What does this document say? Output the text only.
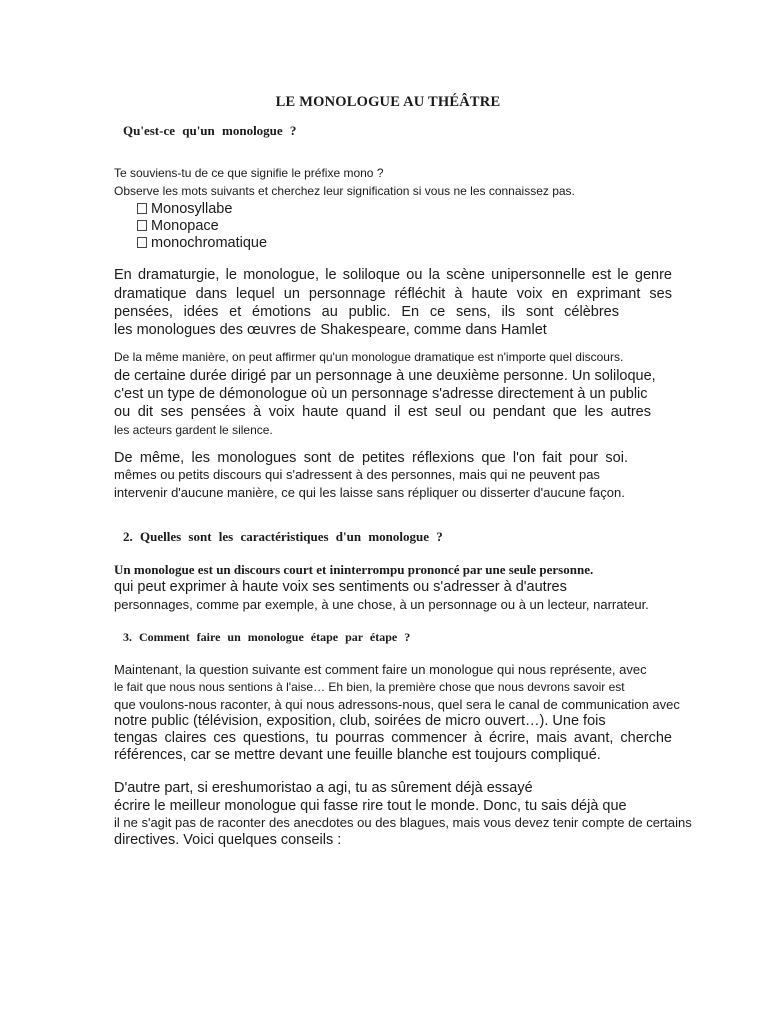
LE MONOLOGUE AU THÉÂTRE
Qu'est-ce qu'un monologue ?
Te souviens-tu de ce que signifie le préfixe mono ?
Observe les mots suivants et cherchez leur signification si vous ne les connaissez pas.
Monosyllabe
Monopace
monochromatique
En dramaturgie, le monologue, le soliloque ou la scène unipersonnelle est le genre
dramatique dans lequel un personnage réfléchit à haute voix en exprimant ses
pensées, idées et émotions au public. En ce sens, ils sont célèbres
les monologues des œuvres de Shakespeare, comme dans Hamlet
De la même manière, on peut affirmer qu'un monologue dramatique est n'importe quel discours.
de certaine durée dirigé par un personnage à une deuxième personne. Un soliloque,
c'est un type de démonologue où un personnage s'adresse directement à un public
ou dit ses pensées à voix haute quand il est seul ou pendant que les autres
les acteurs gardent le silence.
De même, les monologues sont de petites réflexions que l'on fait pour soi.
mêmes ou petits discours qui s'adressent à des personnes, mais qui ne peuvent pas
intervenir d'aucune manière, ce qui les laisse sans répliquer ou disserter d'aucune façon.
2. Quelles sont les caractéristiques d'un monologue ?
Un monologue est un discours court et ininterrompu prononcé par une seule personne.
qui peut exprimer à haute voix ses sentiments ou s'adresser à d'autres
personnages, comme par exemple, à une chose, à un personnage ou à un lecteur, narrateur.
3. Comment faire un monologue étape par étape ?
Maintenant, la question suivante est comment faire un monologue qui nous représente, avec
le fait que nous nous sentions à l'aise… Eh bien, la première chose que nous devrons savoir est
que voulons-nous raconter, à qui nous adressons-nous, quel sera le canal de communication avec
notre public (télévision, exposition, club, soirées de micro ouvert…). Une fois
tengas claires ces questions, tu pourras commencer à écrire, mais avant, cherche
références, car se mettre devant une feuille blanche est toujours compliqué.
D'autre part, si ereshumoristao a agi, tu as sûrement déjà essayé
écrire le meilleur monologue qui fasse rire tout le monde. Donc, tu sais déjà que
il ne s'agit pas de raconter des anecdotes ou des blagues, mais vous devez tenir compte de certains
directives. Voici quelques conseils :
